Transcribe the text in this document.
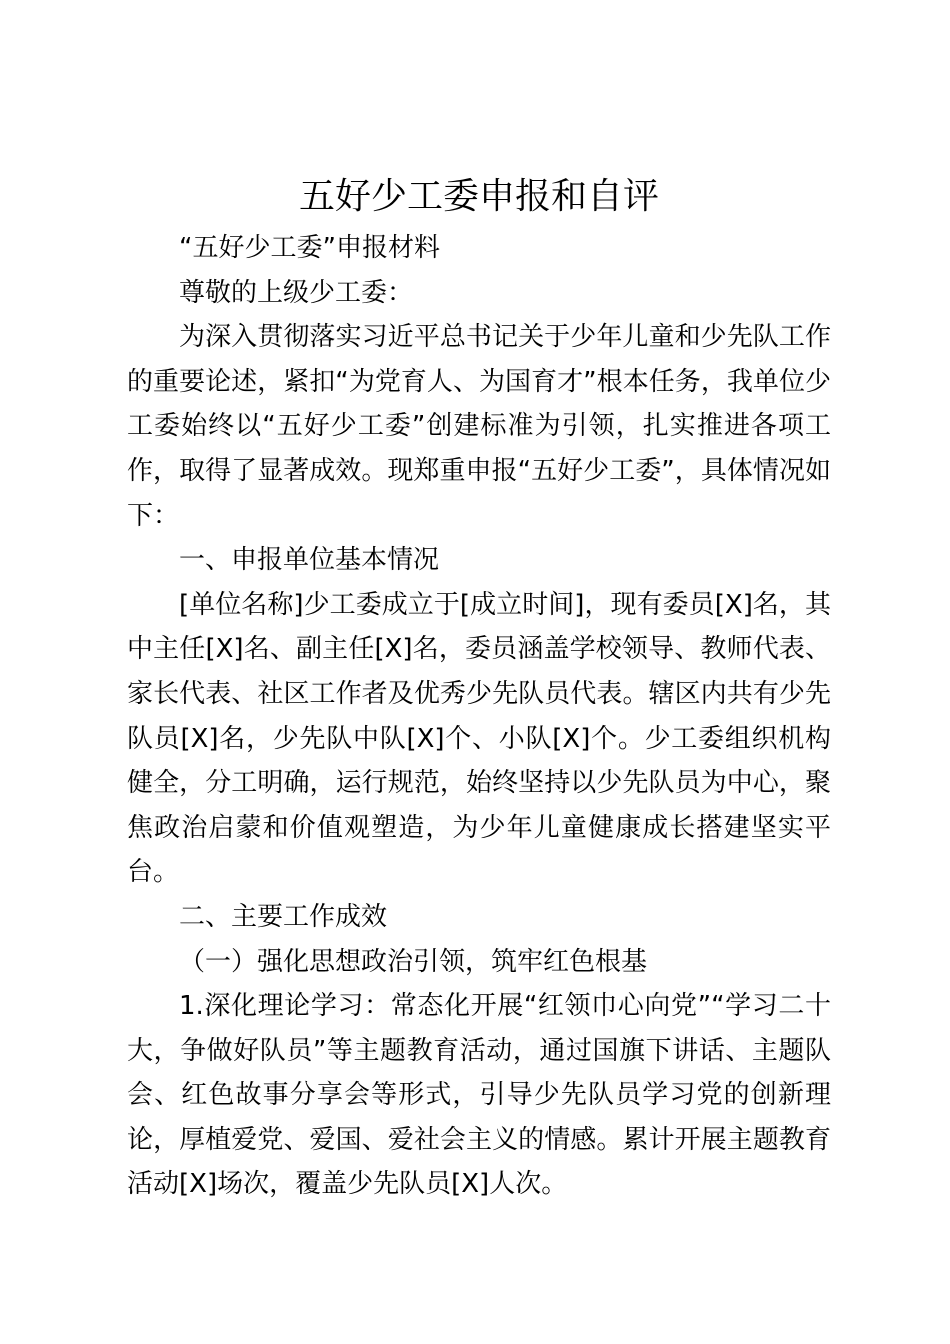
五好少工委申报和自评

“五好少工委”申报材料

尊敬的上级少工委：

为深入贯彻落实习近平总书记关于少年儿童和少先队工作的重要论述，紧扣“为党育人、为国育才”根本任务，我单位少工委始终以“五好少工委”创建标准为引领，扎实推进各项工作，取得了显著成效。现郑重申报“五好少工委”，具体情况如下：

一、申报单位基本情况

[单位名称]少工委成立于[成立时间]，现有委员[X]名，其中主任[X]名、副主任[X]名，委员涵盖学校领导、教师代表、家长代表、社区工作者及优秀少先队员代表。辖区内共有少先队员[X]名，少先队中队[X]个、小队[X]个。少工委组织机构健全，分工明确，运行规范，始终坚持以少先队员为中心，聚焦政治启蒙和价值观塑造，为少年儿童健康成长搭建坚实平台。

二、主要工作成效

（一）强化思想政治引领，筑牢红色根基

1.深化理论学习：常态化开展“红领巾心向党”“学习二十大，争做好队员”等主题教育活动，通过国旗下讲话、主题队会、红色故事分享会等形式，引导少先队员学习党的创新理论，厚植爱党、爱国、爱社会主义的情感。累计开展主题教育活动[X]场次，覆盖少先队员[X]人次。
